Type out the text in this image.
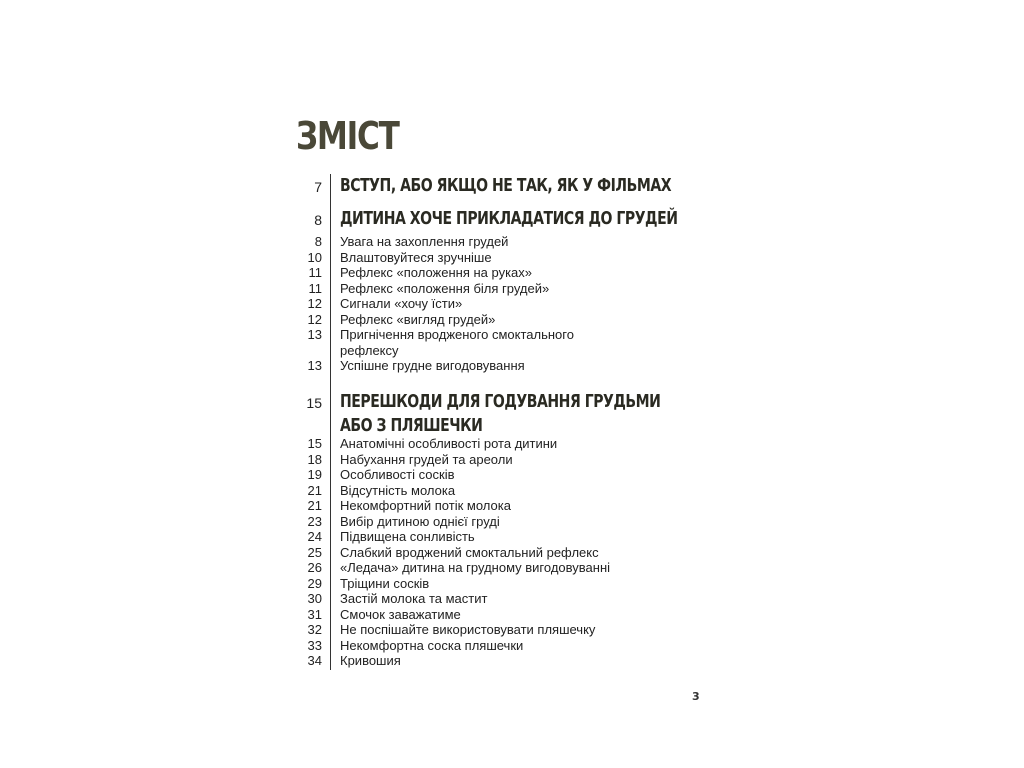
ЗМІСТ
7 ВСТУП, АБО ЯКЩО НЕ ТАК, ЯК У ФІЛЬМАХ
8 ДИТИНА ХОЧЕ ПРИКЛАДАТИСЯ ДО ГРУДЕЙ
8 Увага на захоплення грудей
10 Влаштовуйтеся зручніше
11 Рефлекс «положення на руках»
11 Рефлекс «положення біля грудей»
12 Сигнали «хочу їсти»
12 Рефлекс «вигляд грудей»
13 Пригнічення вродженого смоктального
рефлексу
13 Успішне грудне вигодовування
15 ПЕРЕШКОДИ ДЛЯ ГОДУВАННЯ ГРУДЬМИ
АБО З ПЛЯШЕЧКИ
15 Анатомічні особливості рота дитини
18 Набухання грудей та ареоли
19 Особливості сосків
21 Відсутність молока
21 Некомфортний потік молока
23 Вибір дитиною однієї груді
24 Підвищена сонливість
25 Слабкий вроджений смоктальний рефлекс
26 «Ледача» дитина на грудному вигодовуванні
29 Тріщини сосків
30 Застій молока та мастит
31 Смочок заважатиме
32 Не поспішайте використовувати пляшечку
33 Некомфортна соска пляшечки
34 Кривошия
3
